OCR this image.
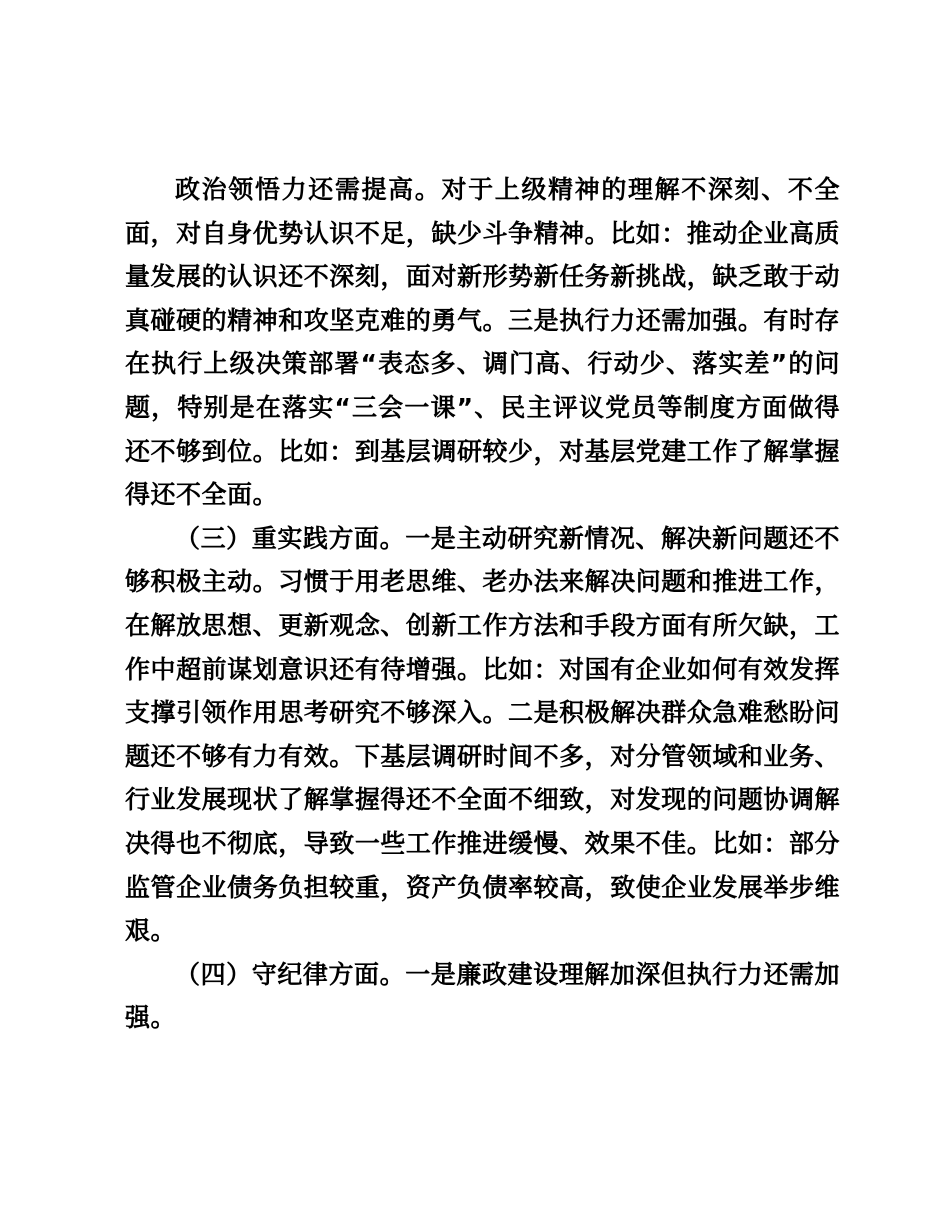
政治领悟力还需提高。对于上级精神的理解不深刻、不全面，对自身优势认识不足，缺少斗争精神。比如：推动企业高质量发展的认识还不深刻，面对新形势新任务新挑战，缺乏敢于动真碰硬的精神和攻坚克难的勇气。三是执行力还需加强。有时存在执行上级决策部署“表态多、调门高、行动少、落实差”的问题，特别是在落实“三会一课”、民主评议党员等制度方面做得还不够到位。比如：到基层调研较少，对基层党建工作了解掌握得还不全面。

（三）重实践方面。一是主动研究新情况、解决新问题还不够积极主动。习惯于用老思维、老办法来解决问题和推进工作，在解放思想、更新观念、创新工作方法和手段方面有所欠缺，工作中超前谋划意识还有待增强。比如：对国有企业如何有效发挥支撑引领作用思考研究不够深入。二是积极解决群众急难愁盼问题还不够有力有效。下基层调研时间不多，对分管领域和业务、行业发展现状了解掌握得还不全面不细致，对发现的问题协调解决得也不彻底，导致一些工作推进缓慢、效果不佳。比如：部分监管企业债务负担较重，资产负债率较高，致使企业发展举步维艰。

（四）守纪律方面。一是廉政建设理解加深但执行力还需加强。
